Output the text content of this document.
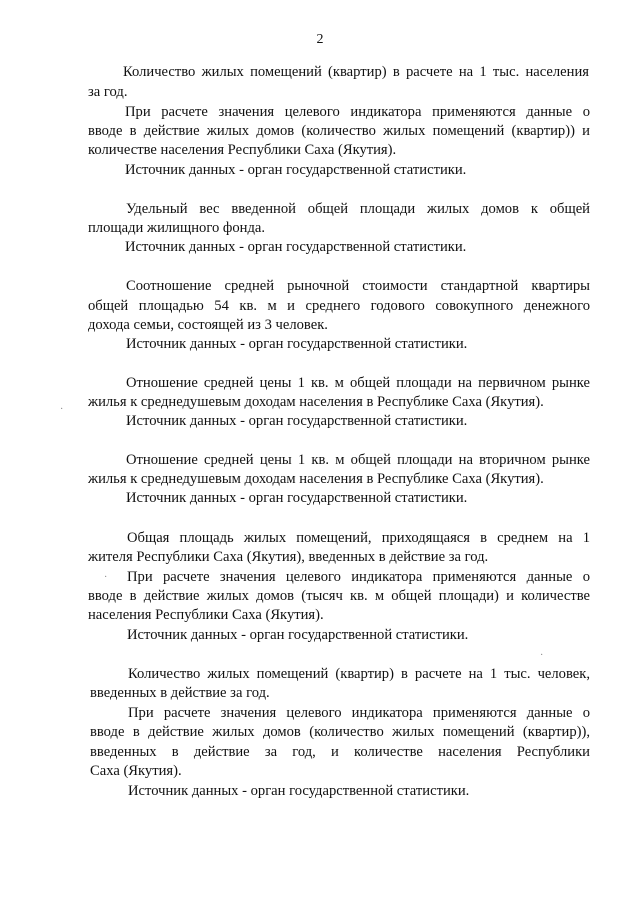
2

Количество жилых помещений (квартир) в расчете на 1 тыс. населения

за год.

При расчете значения целевого индикатора применяются данные о

вводе в действие жилых домов (количество жилых помещений (квартир)) и

количестве населения Республики Саха (Якутия).

Источник данных - орган государственной статистики.

Удельный вес введенной общей площади жилых домов к общей

площади жилищного фонда.

Источник данных - орган государственной статистики.

Соотношение средней рыночной стоимости стандартной квартиры

общей площадью 54 кв. м и среднего годового совокупного денежного

дохода семьи, состоящей из 3 человек.

Источник данных - орган государственной статистики.

Отношение средней цены 1 кв. м общей площади на первичном рынке

жилья к среднедушевым доходам населения в Республике Саха (Якутия).

Источник данных - орган государственной статистики.

Отношение средней цены 1 кв. м общей площади на вторичном рынке

жилья к среднедушевым доходам населения в Республике Саха (Якутия).

Источник данных - орган государственной статистики.

Общая площадь жилых помещений, приходящаяся в среднем на 1

жителя Республики Саха (Якутия), введенных в действие за год.

При расчете значения целевого индикатора применяются данные о

вводе в действие жилых домов (тысяч кв. м общей площади) и количестве

населения Республики Саха (Якутия).

Источник данных - орган государственной статистики.

Количество жилых помещений (квартир) в расчете на 1 тыс. человек,

введенных в действие за год.

При расчете значения целевого индикатора применяются данные о

вводе в действие жилых домов (количество жилых помещений (квартир)),

введенных в действие за год, и количестве населения Республики

Саха (Якутия).

Источник данных - орган государственной статистики.

·
·
·
